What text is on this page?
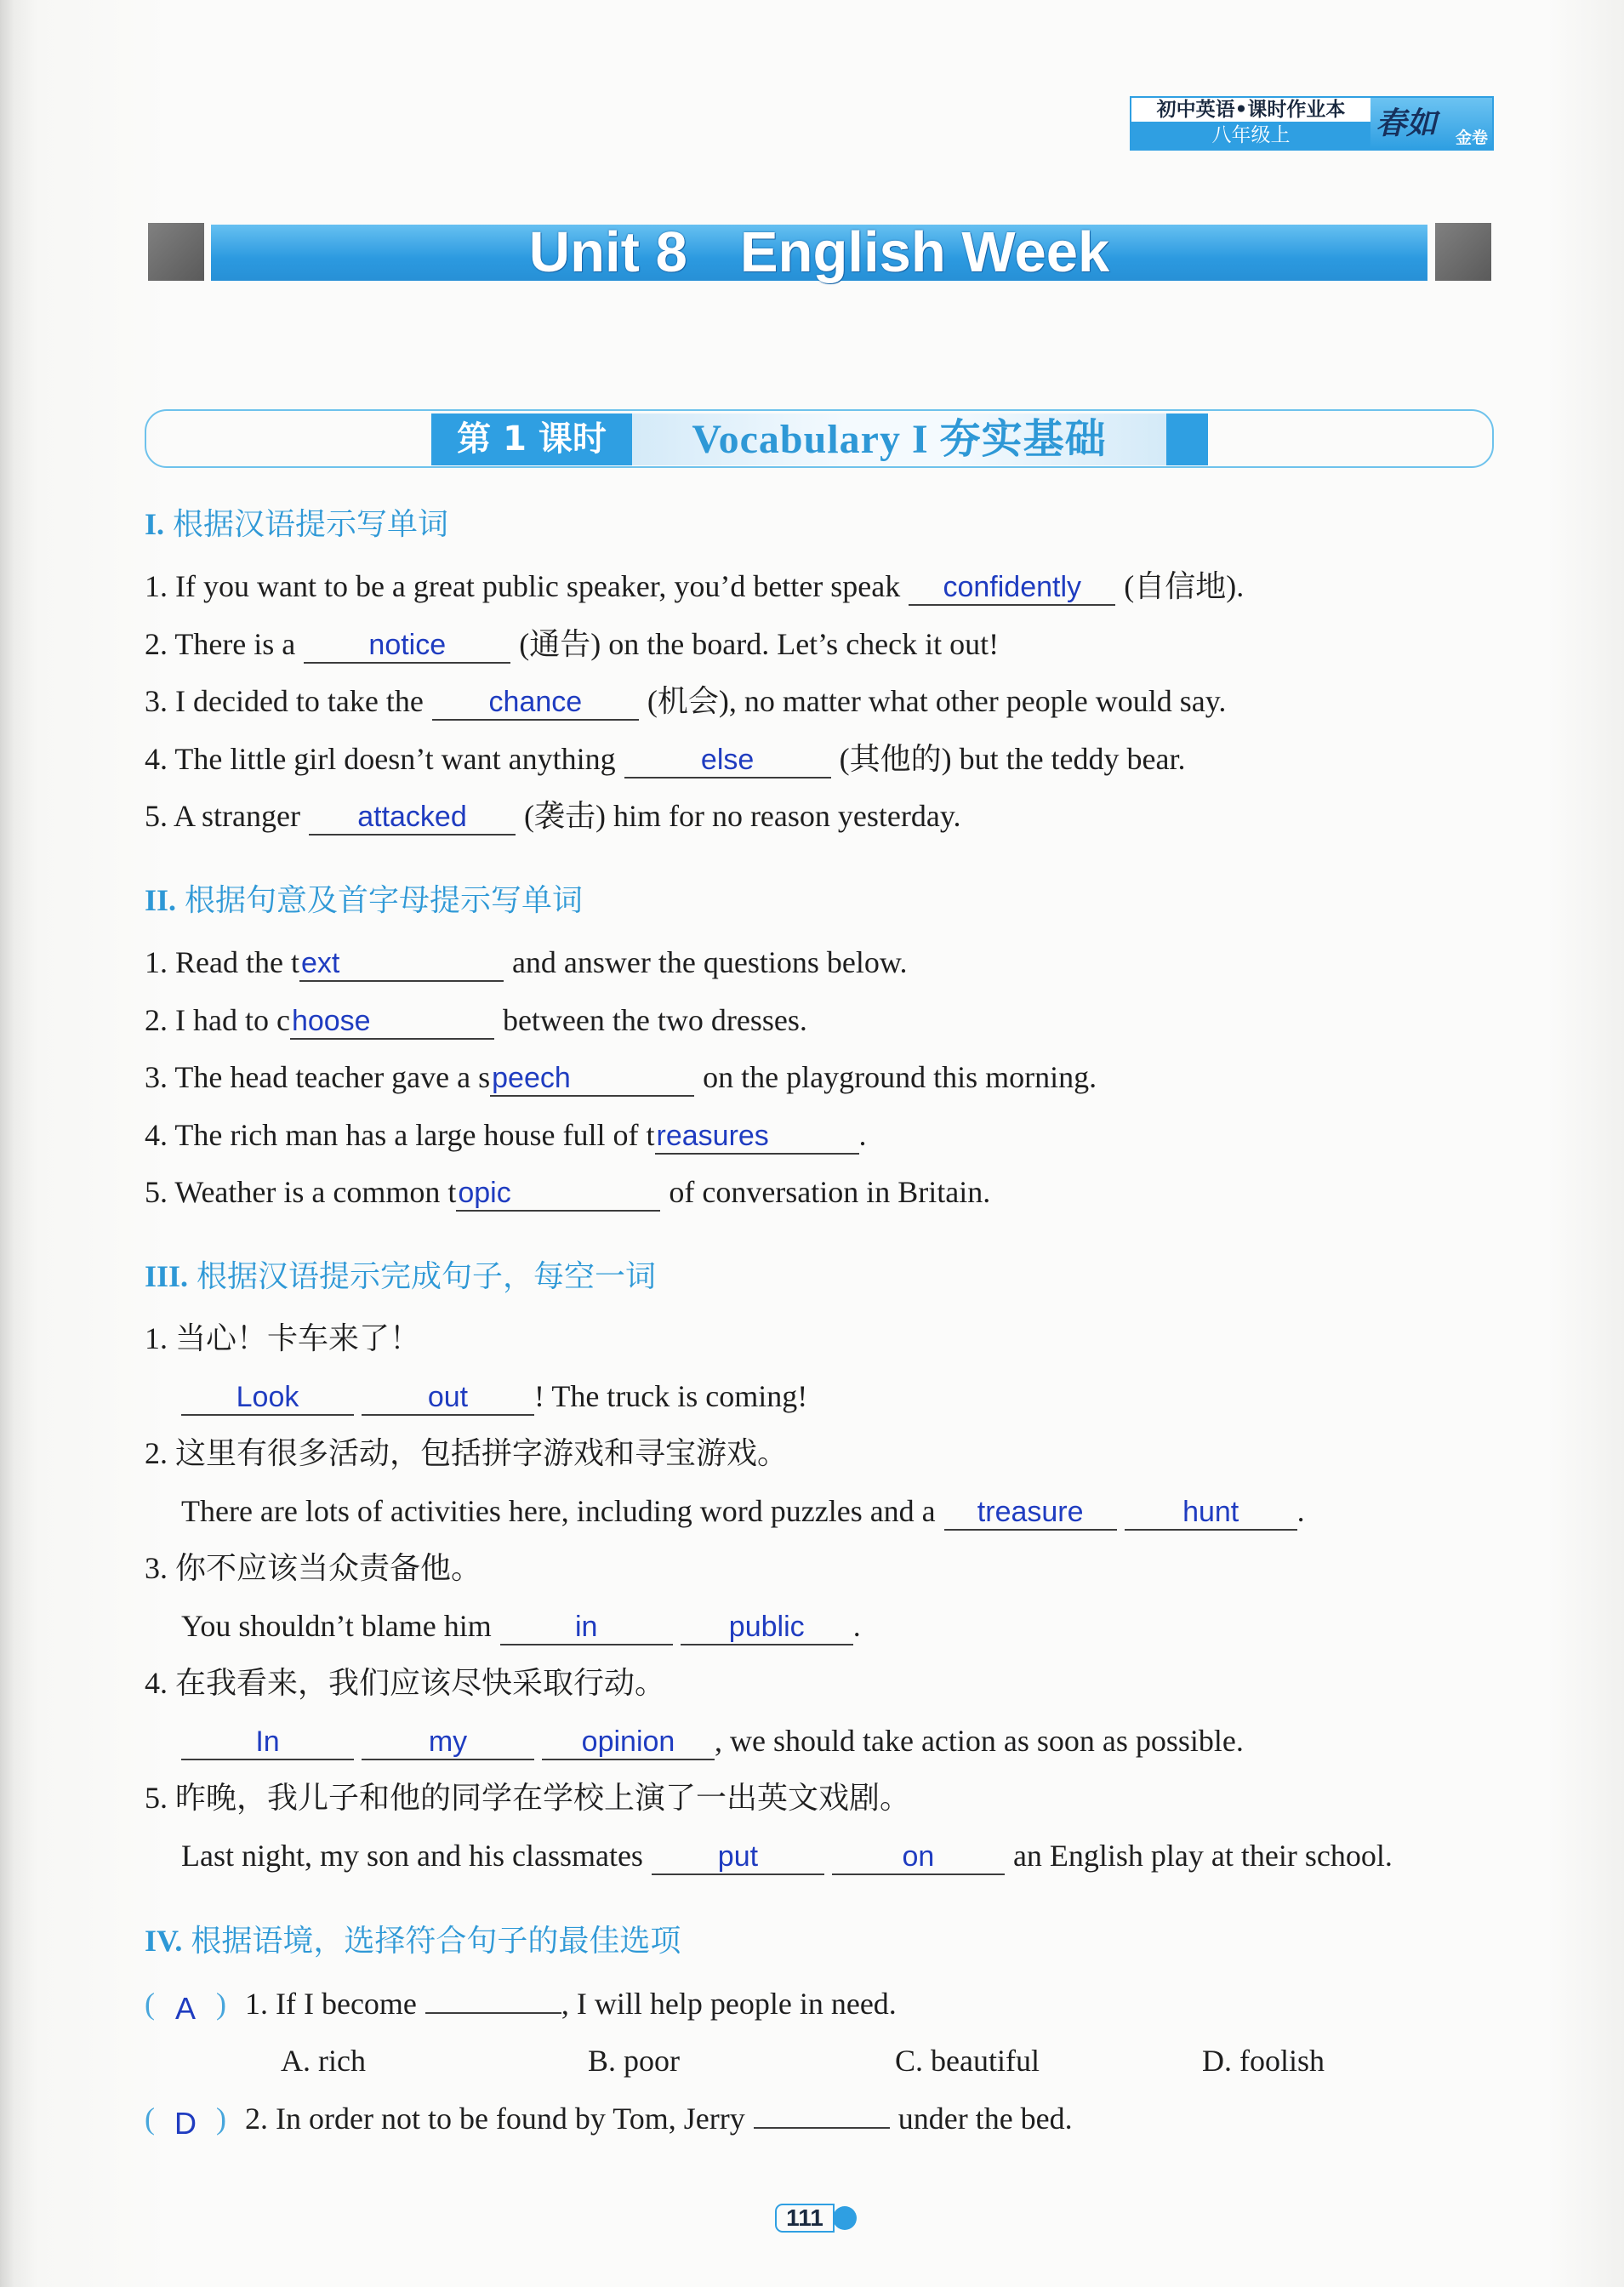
初中英语•课时作业本
八年级上	春如 金卷
Unit 8 English Week
第 1 课时	Vocabulary I 夯实基础
I. 根据汉语提示写单词
1. If you want to be a great public speaker, you’d better speak confidently (自信地).
2. There is a	notice (通告) on the board. Let’s check it out!
3. I decided to take the chance (机会), no matter what other people would say.
4. The little girl doesn’t want anything	else	(其他的) but the teddy bear.
5. A stranger attacked (袭击) him for no reason yesterday.
II. 根据句意及首字母提示写单词
1. Read the text	and answer the questions below.
2. I had to choose	between the two dresses.
3. The head teacher gave a speech	on the playground this morning.
4. The rich man has a large house full of treasures	.
5. Weather is a common topic	of conversation in Britain.
III. 根据汉语提示完成句子，每空一词
1. 当心！卡车来了！
Look	out ! The truck is coming!
2. 这里有很多活动，包括拼字游戏和寻宝游戏。
There are lots of activities here, including word puzzles and a treasure	hunt .
3. 你不应该当众责备他。
You shouldn’t blame him	in	public .
4. 在我看来，我们应该尽快采取行动。
In	my	opinion , we should take action as soon as possible.
5. 昨晚，我儿子和他的同学在学校上演了一出英文戏剧。
Last night, my son and his classmates	put	on	an English play at their school.
IV. 根据语境，选择符合句子的最佳选项
( A ) 1. If I become	, I will help people in need.
A. rich	B. poor	C. beautiful	D. foolish
( D ) 2. In order not to be found by Tom, Jerry	under the bed.
111
